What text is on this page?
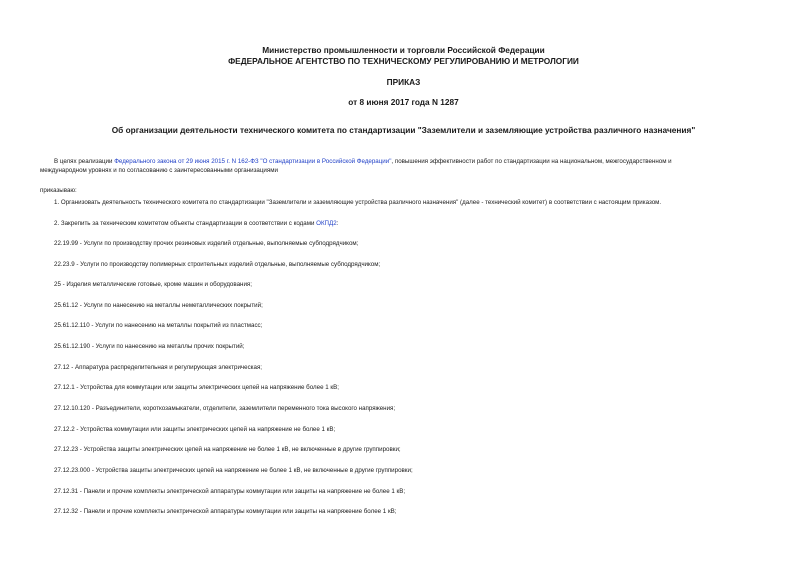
Министерство промышленности и торговли Российской Федерации
ФЕДЕРАЛЬНОЕ АГЕНТСТВО ПО ТЕХНИЧЕСКОМУ РЕГУЛИРОВАНИЮ И МЕТРОЛОГИИ
ПРИКАЗ
от 8 июня 2017 года N 1287
Об организации деятельности технического комитета по стандартизации "Заземлители и заземляющие устройства различного назначения"
В целях реализации Федерального закона от 29 июня 2015 г. N 162-ФЗ "О стандартизации в Российской Федерации", повышения эффективности работ по стандартизации на национальном, межгосударственном и
международном уровнях и по согласованию с заинтересованными организациями
приказываю:
1. Организовать деятельность технического комитета по стандартизации "Заземлители и заземляющие устройства различного назначения" (далее - технический комитет) в соответствии с настоящим приказом.
2. Закрепить за техническим комитетом объекты стандартизации в соответствии с кодами ОКПД2:
22.19.99 - Услуги по производству прочих резиновых изделий отдельные, выполняемые субподрядчиком;
22.23.9 - Услуги по производству полимерных строительных изделий отдельные, выполняемые субподрядчиком;
25 - Изделия металлические готовые, кроме машин и оборудования;
25.61.12 - Услуги по нанесению на металлы неметаллических покрытий;
25.61.12.110 - Услуги по нанесению на металлы покрытий из пластмасс;
25.61.12.190 - Услуги по нанесению на металлы прочих покрытий;
27.12 - Аппаратура распределительная и регулирующая электрическая;
27.12.1 - Устройства для коммутации или защиты электрических цепей на напряжение более 1 кВ;
27.12.10.120 - Разъединители, короткозамыкатели, отделители, заземлители переменного тока высокого напряжения;
27.12.2 - Устройства коммутации или защиты электрических цепей на напряжение не более 1 кВ;
27.12.23 - Устройства защиты электрических цепей на напряжение не более 1 кВ, не включенные в другие группировки;
27.12.23.000 - Устройства защиты электрических цепей на напряжение не более 1 кВ, не включенные в другие группировки;
27.12.31 - Панели и прочие комплекты электрической аппаратуры коммутации или защиты на напряжение не более 1 кВ;
27.12.32 - Панели и прочие комплекты электрической аппаратуры коммутации или защиты на напряжение более 1 кВ;
